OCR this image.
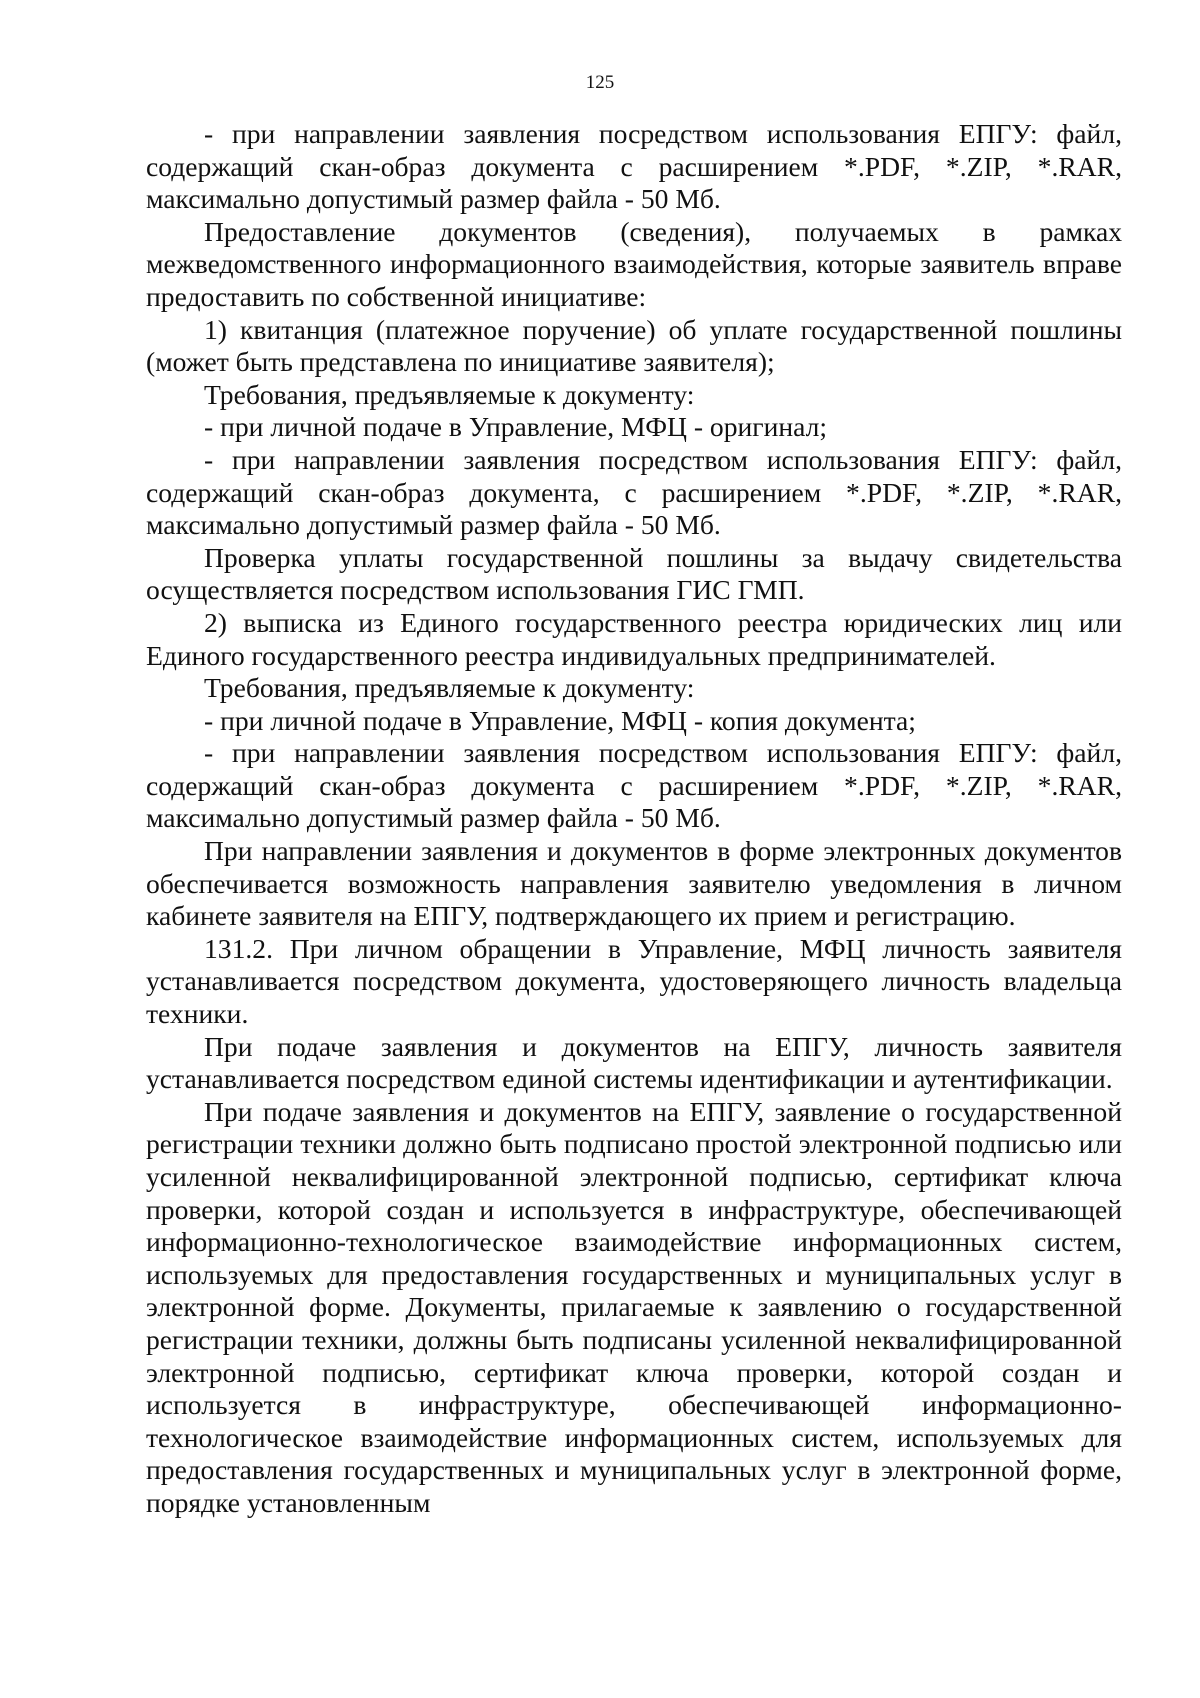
125

- при направлении заявления посредством использования ЕПГУ: файл, содержащий скан-образ документа с расширением *.PDF, *.ZIP, *.RAR, максимально допустимый размер файла - 50 Мб.

Предоставление документов (сведения), получаемых в рамках межведомственного информационного взаимодействия, которые заявитель вправе предоставить по собственной инициативе:

1) квитанция (платежное поручение) об уплате государственной пошлины (может быть представлена по инициативе заявителя);

Требования, предъявляемые к документу:

- при личной подаче в Управление, МФЦ - оригинал;

- при направлении заявления посредством использования ЕПГУ: файл, содержащий скан-образ документа, с расширением *.PDF, *.ZIP, *.RAR, максимально допустимый размер файла - 50 Мб.

Проверка уплаты государственной пошлины за выдачу свидетельства осуществляется посредством использования ГИС ГМП.

2) выписка из Единого государственного реестра юридических лиц или Единого государственного реестра индивидуальных предпринимателей.

Требования, предъявляемые к документу:

- при личной подаче в Управление, МФЦ - копия документа;

- при направлении заявления посредством использования ЕПГУ: файл, содержащий скан-образ документа с расширением *.PDF, *.ZIP, *.RAR, максимально допустимый размер файла - 50 Мб.

При направлении заявления и документов в форме электронных документов обеспечивается возможность направления заявителю уведомления в личном кабинете заявителя на ЕПГУ, подтверждающего их прием и регистрацию.

131.2. При личном обращении в Управление, МФЦ личность заявителя устанавливается посредством документа, удостоверяющего личность владельца техники.

При подаче заявления и документов на ЕПГУ, личность заявителя устанавливается посредством единой системы идентификации и аутентификации.

При подаче заявления и документов на ЕПГУ, заявление о государственной регистрации техники должно быть подписано простой электронной подписью или усиленной неквалифицированной электронной подписью, сертификат ключа проверки, которой создан и используется в инфраструктуре, обеспечивающей информационно-технологическое взаимодействие информационных систем, используемых для предоставления государственных и муниципальных услуг в электронной форме. Документы, прилагаемые к заявлению о государственной регистрации техники, должны быть подписаны усиленной неквалифицированной электронной подписью, сертификат ключа проверки, которой создан и используется в инфраструктуре, обеспечивающей информационно-технологическое взаимодействие информационных систем, используемых для предоставления государственных и муниципальных услуг в электронной форме, порядке установленным
